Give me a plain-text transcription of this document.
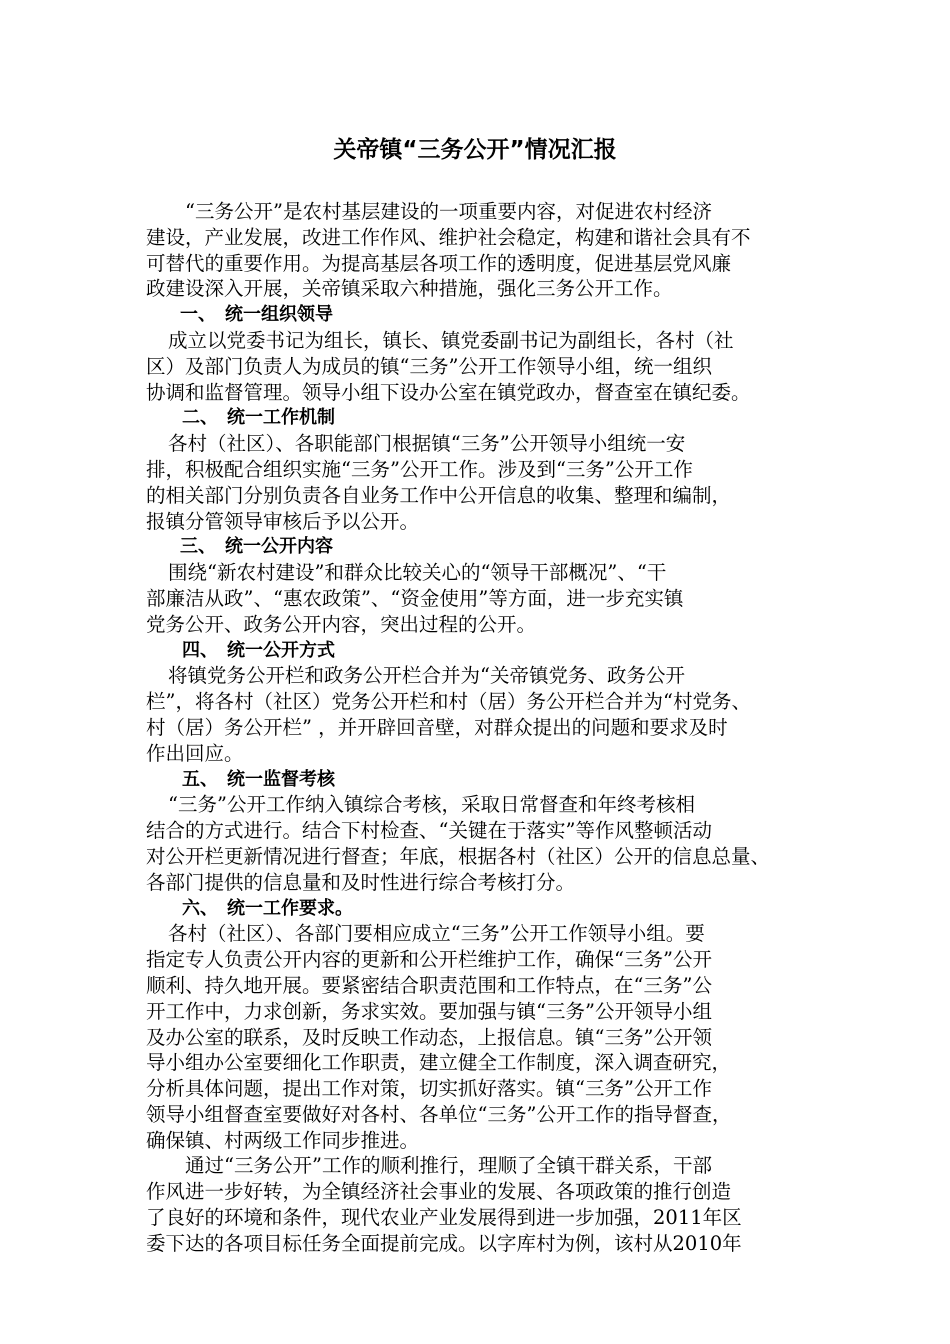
关帝镇“三务公开”情况汇报
“三务公开”是农村基层建设的一项重要内容，对促进农村经济
建设，产业发展，改进工作作风、维护社会稳定，构建和谐社会具有不
可替代的重要作用。为提高基层各项工作的透明度，促进基层党风廉
政建设深入开展，关帝镇采取六种措施，强化三务公开工作。
一、　统一组织领导
成立以党委书记为组长，镇长、镇党委副书记为副组长，各村（社
区）及部门负责人为成员的镇“三务”公开工作领导小组，统一组织
协调和监督管理。领导小组下设办公室在镇党政办，督查室在镇纪委。
二、　统一工作机制
各村（社区）、各职能部门根据镇“三务”公开领导小组统一安
排，积极配合组织实施“三务”公开工作。涉及到“三务”公开工作
的相关部门分别负责各自业务工作中公开信息的收集、整理和编制，
报镇分管领导审核后予以公开。
三、　统一公开内容
围绕“新农村建设”和群众比较关心的“领导干部概况”、“干
部廉洁从政”、“惠农政策”、“资金使用”等方面，进一步充实镇
党务公开、政务公开内容，突出过程的公开。
四、　统一公开方式
将镇党务公开栏和政务公开栏合并为“关帝镇党务、政务公开
栏”，将各村（社区）党务公开栏和村（居）务公开栏合并为“村党务、
村（居）务公开栏” ，并开辟回音壁，对群众提出的问题和要求及时
作出回应。
五、　统一监督考核
“三务”公开工作纳入镇综合考核，采取日常督查和年终考核相
结合的方式进行。结合下村检查、“关键在于落实”等作风整顿活动
对公开栏更新情况进行督查；年底，根据各村（社区）公开的信息总量、
各部门提供的信息量和及时性进行综合考核打分。
六、　统一工作要求。
各村（社区）、各部门要相应成立“三务”公开工作领导小组。要
指定专人负责公开内容的更新和公开栏维护工作，确保“三务”公开
顺利、持久地开展。要紧密结合职责范围和工作特点，在“三务”公
开工作中，力求创新，务求实效。要加强与镇“三务”公开领导小组
及办公室的联系，及时反映工作动态，上报信息。镇“三务”公开领
导小组办公室要细化工作职责，建立健全工作制度，深入调查研究，
分析具体问题，提出工作对策，切实抓好落实。镇“三务”公开工作
领导小组督查室要做好对各村、各单位“三务”公开工作的指导督查，
确保镇、村两级工作同步推进。
通过“三务公开”工作的顺利推行，理顺了全镇干群关系，干部
作风进一步好转，为全镇经济社会事业的发展、各项政策的推行创造
了良好的环境和条件，现代农业产业发展得到进一步加强，2011年区
委下达的各项目标任务全面提前完成。以字库村为例，该村从2010年
